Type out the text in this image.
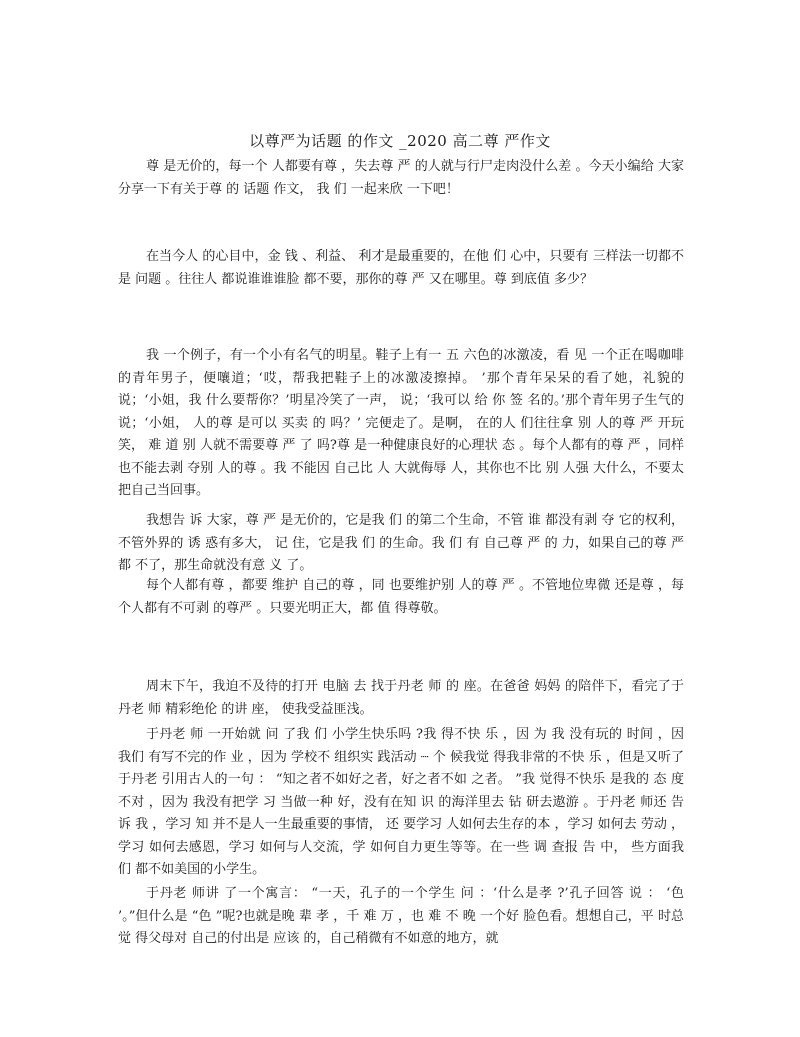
以尊严为话题 的作文 _2020 高二尊 严作文

尊 是无价的，每一个 人都要有尊 ，失去尊 严 的人就与行尸走肉没什么差 。今天小编给 大家分享一下有关于尊 的 话题 作文， 我 们 一起来欣 一下吧！

在当今人 的心目中，金 钱 、利益、 利才是最重要的，在他 们 心中，只要有 三样法一切都不是 问题 。往往人 都说谁谁谁脸 都不要，那你的尊 严 又在哪里。尊 到底值 多少？

我 一个例子，有一个小有名气的明星。鞋子上有一 五 六色的冰激凌，看 见 一个正在喝咖啡的青年男子，便嚷道；‘哎，帮我把鞋子上的冰激凌擦掉。 ’那个青年呆呆的看了她，礼貌的 说；‘小姐，我 什么要帮你？’明星冷笑了一声， 说；‘我可以 给 你 签 名的。’那个青年男子生气的 说；‘小姐， 人的尊 是可以 买卖 的 吗？’ 完便走了。是啊， 在的人 们往往拿 别 人的尊 严 开玩笑， 难 道 别 人就不需要尊 严 了 吗?尊 是一种健康良好的心理状 态 。每个人都有的尊 严 ，同样 也不能去剥 夺别 人的尊 。我 不能因 自己比 人 大就侮辱 人，其你也不比 别 人强 大什么，不要太把自己当回事。

我想告 诉 大家，尊 严 是无价的，它是我 们 的第二个生命，不管 谁 都没有剥 夺 它的权利，不管外界的 诱 惑有多大， 记 住，它是我 们 的生命。我 们 有 自己尊 严 的 力，如果自己的尊 严 都 不了，那生命就没有意 义 了。

每个人都有尊 ，都要 维护 自己的尊 ，同 也要维护别 人的尊 严 。不管地位卑微 还是尊 ，每个人都有不可剥 的尊严 。只要光明正大，都 值 得尊敬。

周末下午，我迫不及待的打开 电脑 去 找于丹老 师 的 座。在爸爸 妈妈 的陪伴下，看完了于丹老 师 精彩绝伦 的讲 座， 使我受益匪浅。

于丹老 师 一开始就 问 了我 们 小学生快乐吗 ?我 得不快 乐 ，因 为 我 没有玩的 时间 ，因 我们 有写不完的作 业 ，因为 学校不 组织实 践活动 ┈ 个 候我觉 得我非常的不快 乐 ，但是又听了于丹老 引用古人的一句 ： “知之者不如好之者，好之者不如 之者。 ”我 觉得不快乐 是我的 态 度不对 ，因为 我没有把学 习 当做一种 好，没有在知 识 的海洋里去 钻 研去遨游 。于丹老 师还 告 诉 我 ，学习 知 并不是人一生最重要的事情， 还 要学习 人如何去生存的本 ，学习 如何去 劳动 ，学习 如何去感恩，学习 如何与人交流，学 如何自力更生等等。在一些 调 查报 告 中， 些方面我 们 都不如美国的小学生。

于丹老 师讲 了一个寓言： “一天，孔子的一个学生 问 ：‘什么是孝 ?’孔子回答 说 ： ‘色 ’。”但什么是 “色 ”呢?也就是晚 辈 孝 ，千 难 万 ，也 难 不 晚 一个好 脸色看。想想自己，平 时总觉 得父母对 自己的付出是 应该 的，自己稍微有不如意的地方，就
